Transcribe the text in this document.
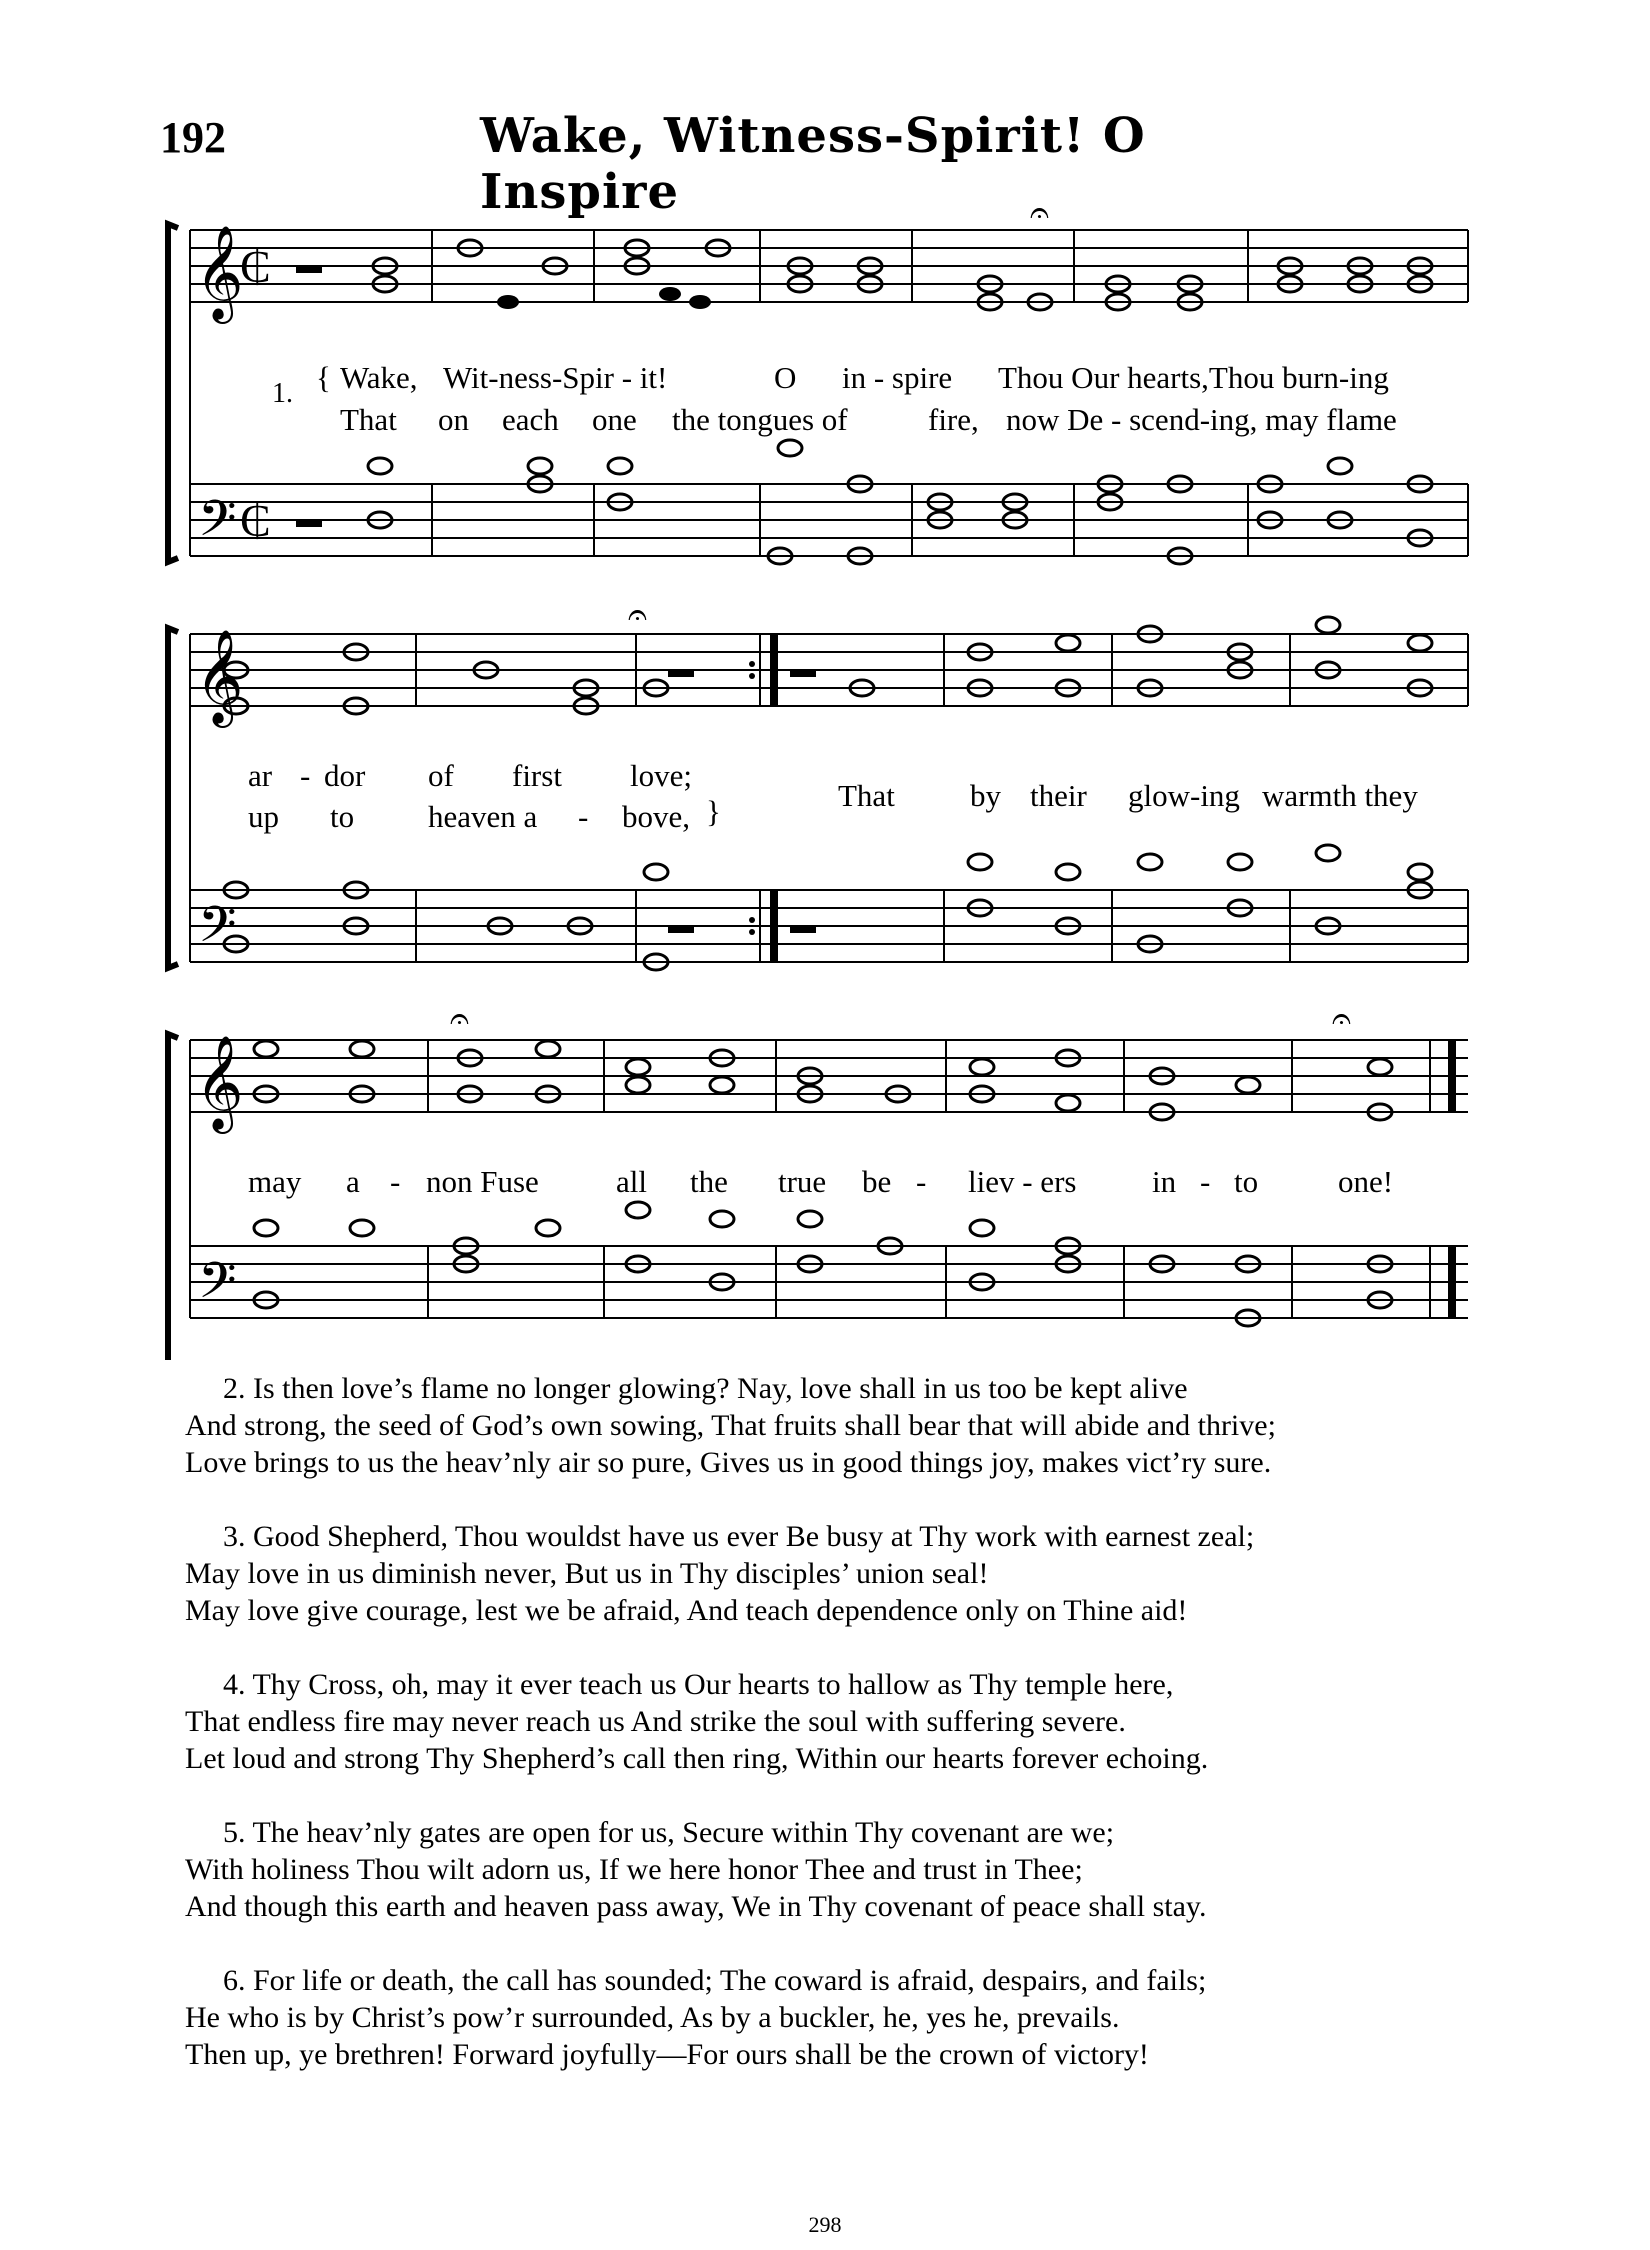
192	Wake, Witness-Spirit! O Inspire
𝄞
𝄢
₵
₵
𝄐
1. { Wake, Wit-ness-Spir - it!	O in - spire Thou Our hearts,Thou burn-ing
That on each one the tongues of	fire, now De - scend-ing, may flame
𝄞
𝄢
𝄐
ar - dor of first love;
up to heaven a - bove, }	That by their glow-ing warmth they
𝄞
𝄢
𝄐	𝄐
may a - non Fuse all the true be - liev - ers in - to	one!
2. Is then love’s flame no longer glowing? Nay, love shall in us too be kept alive
And strong, the seed of God’s own sowing, That fruits shall bear that will abide and thrive;
Love brings to us the heav’nly air so pure, Gives us in good things joy, makes vict’ry sure.
3. Good Shepherd, Thou wouldst have us ever Be busy at Thy work with earnest zeal;
May love in us diminish never, But us in Thy disciples’ union seal!
May love give courage, lest we be afraid, And teach dependence only on Thine aid!
4. Thy Cross, oh, may it ever teach us Our hearts to hallow as Thy temple here,
That endless fire may never reach us And strike the soul with suffering severe.
Let loud and strong Thy Shepherd’s call then ring, Within our hearts forever echoing.
5. The heav’nly gates are open for us, Secure within Thy covenant are we;
With holiness Thou wilt adorn us, If we here honor Thee and trust in Thee;
And though this earth and heaven pass away, We in Thy covenant of peace shall stay.
6. For life or death, the call has sounded; The coward is afraid, despairs, and fails;
He who is by Christ’s pow’r surrounded, As by a buckler, he, yes he, prevails.
Then up, ye brethren! Forward joyfully—For ours shall be the crown of victory!
298
